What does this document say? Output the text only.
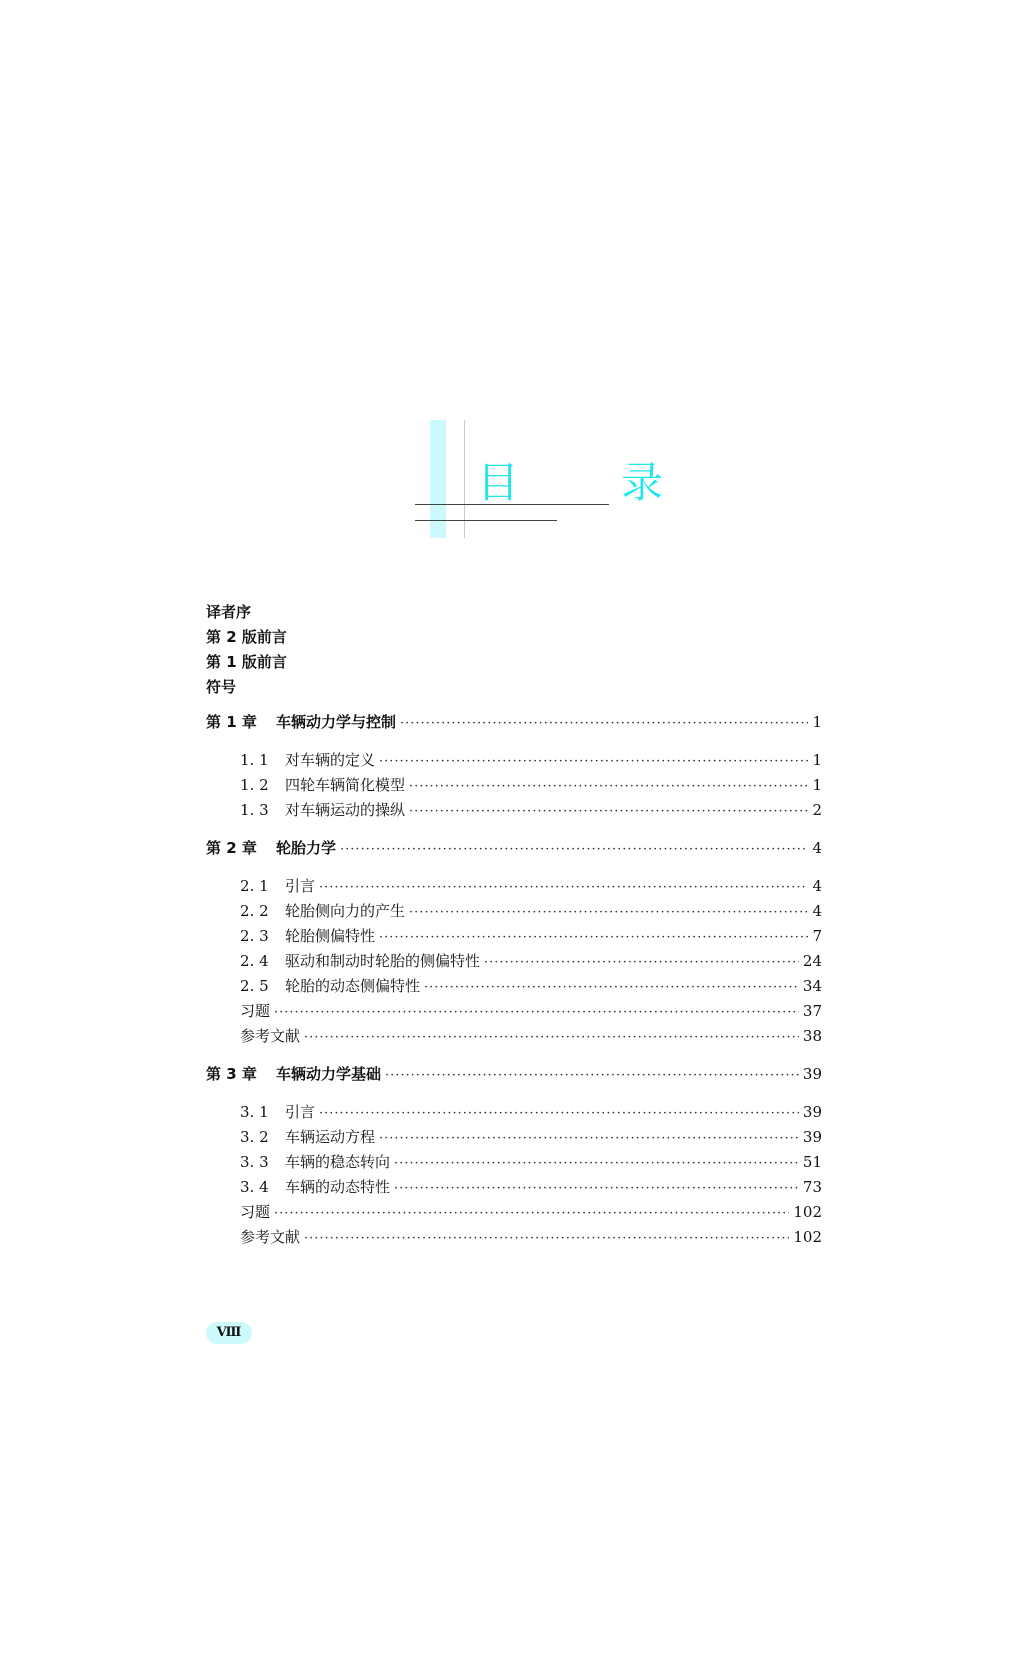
目　录
译者序
第 2 版前言
第 1 版前言
符号
第 1 章	车辆动力学与控制 ·····	1
1. 1	对车辆的定义 ·····	1
1. 2	四轮车辆简化模型 ·····	1
1. 3	对车辆运动的操纵 ·····	2
第 2 章	轮胎力学 ·····	4
2. 1	引言 ·····	4
2. 2	轮胎侧向力的产生 ·····	4
2. 3	轮胎侧偏特性 ·····	7
2. 4	驱动和制动时轮胎的侧偏特性 ·····	24
2. 5	轮胎的动态侧偏特性 ·····	34
习题 ·····	37
参考文献 ·····	38
第 3 章	车辆动力学基础 ·····	39
3. 1	引言 ·····	39
3. 2	车辆运动方程 ·····	39
3. 3	车辆的稳态转向 ·····	51
3. 4	车辆的动态特性 ·····	73
习题 ·····	102
参考文献 ·····	102
Ⅷ
